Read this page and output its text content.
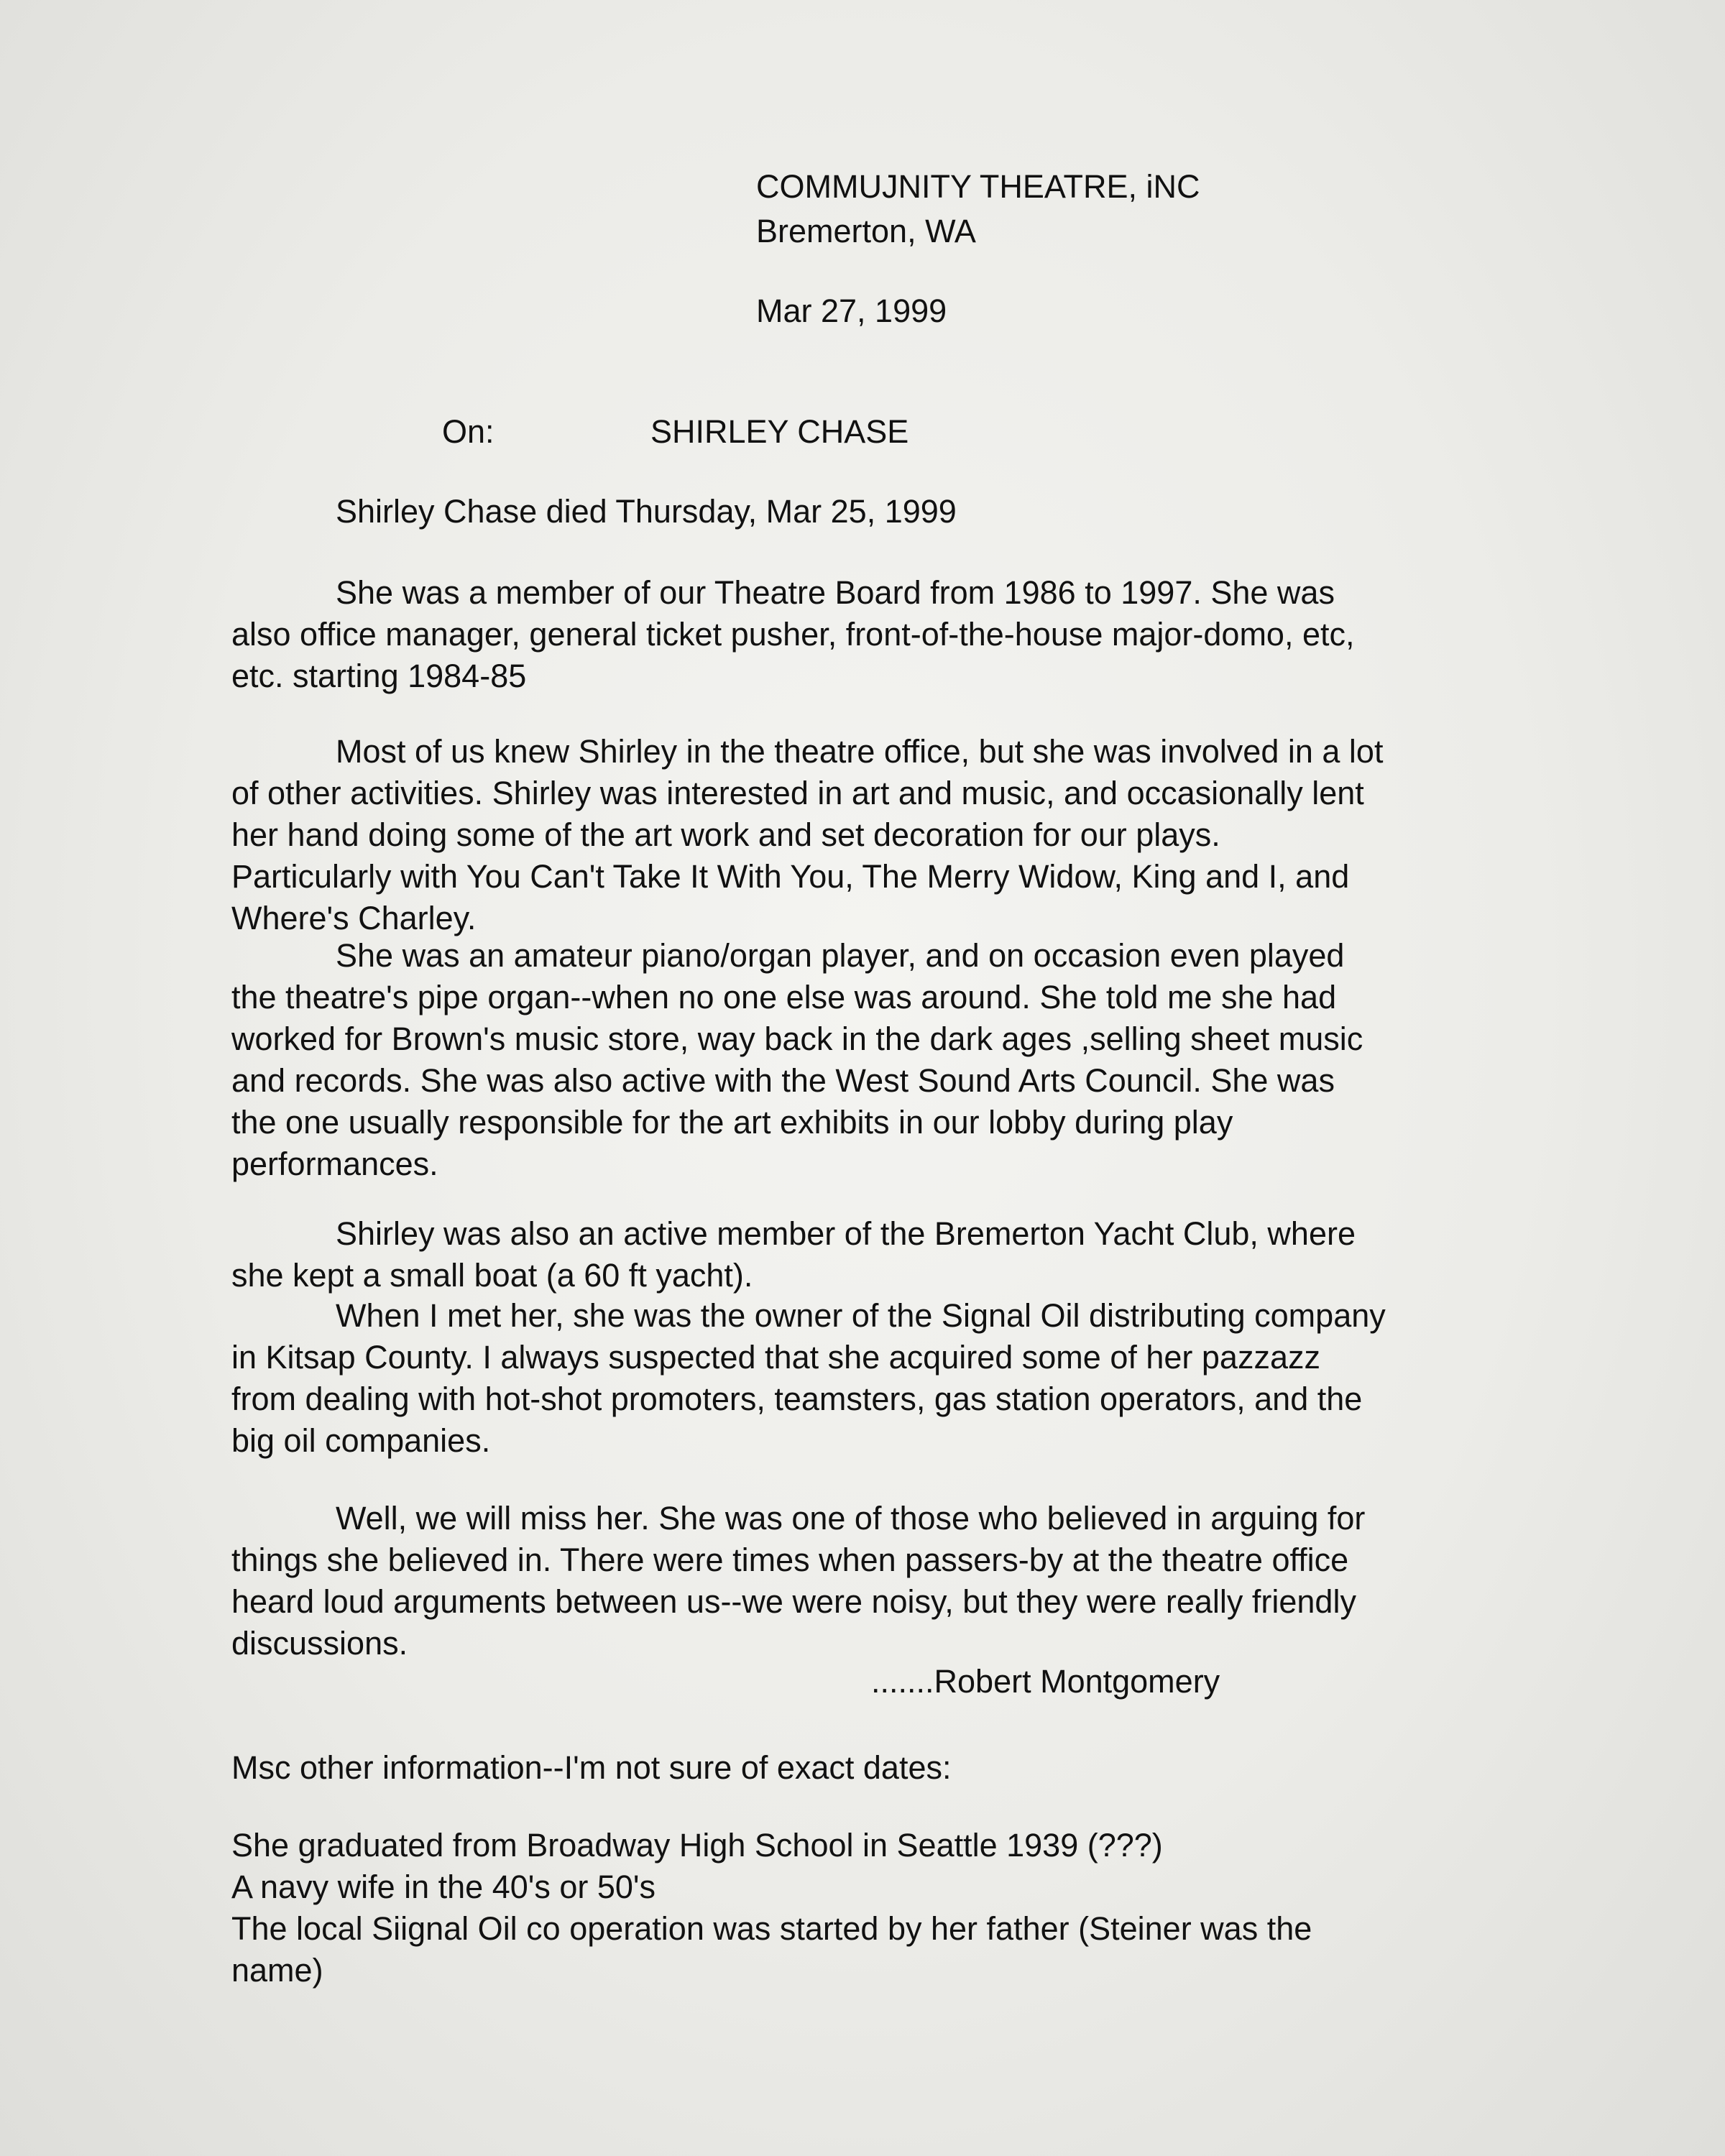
COMMUJNITY THEATRE, iNC
Bremerton, WA
Mar 27, 1999
On:	SHIRLEY CHASE
Shirley Chase died Thursday, Mar 25, 1999
She was a member of our Theatre Board from 1986 to 1997. She was
also office manager, general ticket pusher, front-of-the-house major-domo, etc,
etc. starting 1984-85
Most of us knew Shirley in the theatre office, but she was involved in a lot
of other activities. Shirley was interested in art and music, and occasionally lent
her hand doing some of the art work and set decoration for our plays.
Particularly with You Can't Take It With You, The Merry Widow, King and I, and
Where's Charley.
She was an amateur piano/organ player, and on occasion even played
the theatre's pipe organ--when no one else was around. She told me she had
worked for Brown's music store, way back in the dark ages ,selling sheet music
and records. She was also active with the West Sound Arts Council. She was
the one usually responsible for the art exhibits in our lobby during play
performances.
Shirley was also an active member of the Bremerton Yacht Club, where
she kept a small boat (a 60 ft yacht).
When I met her, she was the owner of the Signal Oil distributing company
in Kitsap County. I always suspected that she acquired some of her pazzazz
from dealing with hot-shot promoters, teamsters, gas station operators, and the
big oil companies.
Well, we will miss her. She was one of those who believed in arguing for
things she believed in. There were times when passers-by at the theatre office
heard loud arguments between us--we were noisy, but they were really friendly
discussions.
.......Robert Montgomery
Msc other information--I'm not sure of exact dates:
She graduated from Broadway High School in Seattle 1939 (???)
A navy wife in the 40's or 50's
The local Siignal Oil co operation was started by her father (Steiner was the
name)
